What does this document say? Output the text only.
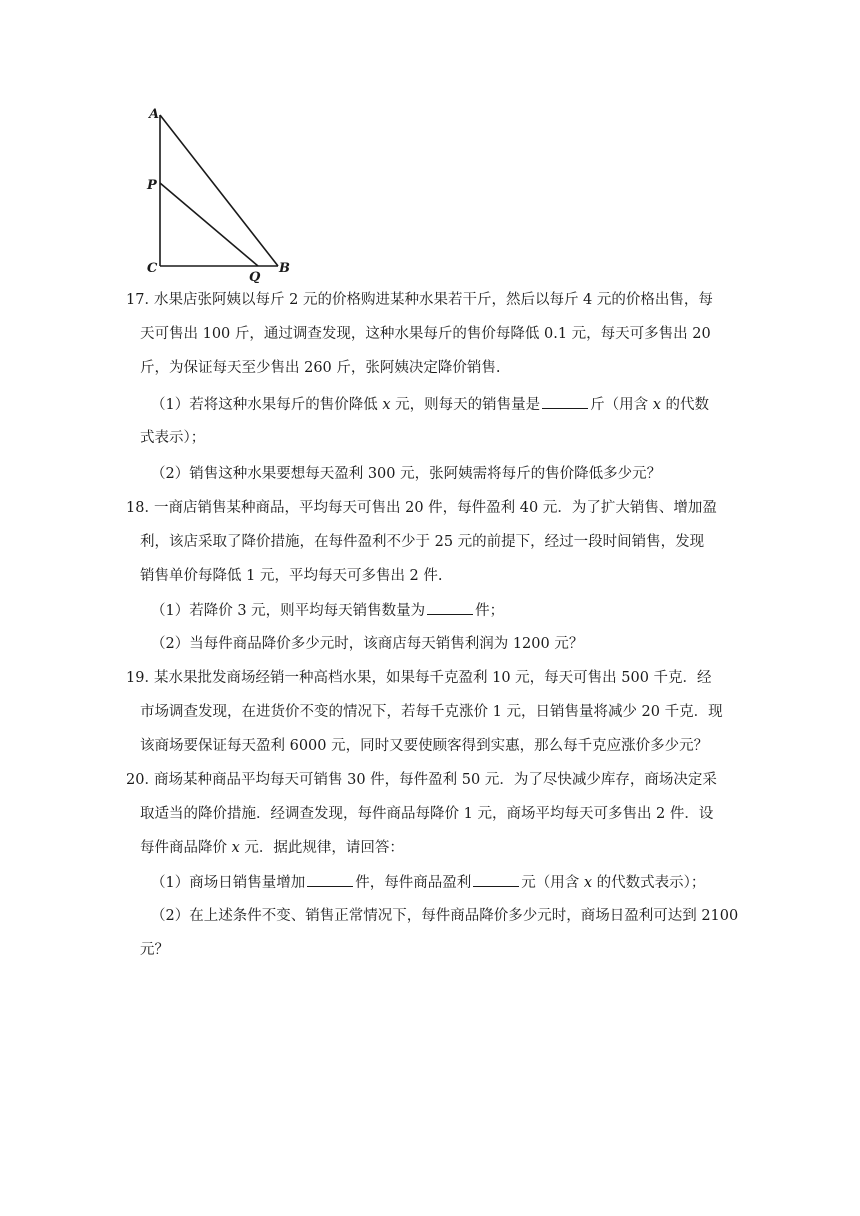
A
P
C
Q
B
17．
水果店张阿姨以每斤 2 元的价格购进某种水果若干斤，然后以每斤 4 元的价格出售，每
天可售出 100 斤，通过调查发现，这种水果每斤的售价每降低 0.1 元，每天可多售出 20
斤，为保证每天至少售出 260 斤，张阿姨决定降价销售.
（1）若将这种水果每斤的售价降低 x 元，则每天的销售量是	斤（用含 x 的代数
式表示）；
（2）销售这种水果要想每天盈利 300 元，张阿姨需将每斤的售价降低多少元？
18．
一商店销售某种商品，平均每天可售出 20 件，每件盈利 40 元．为了扩大销售、增加盈
利，该店采取了降价措施，在每件盈利不少于 25 元的前提下，经过一段时间销售，发现
销售单价每降低 1 元，平均每天可多售出 2 件.
（1）若降价 3 元，则平均每天销售数量为	件；
（2）当每件商品降价多少元时，该商店每天销售利润为 1200 元？
19．
某水果批发商场经销一种高档水果，如果每千克盈利 10 元，每天可售出 500 千克．经
市场调查发现，在进货价不变的情况下，若每千克涨价 1 元，日销售量将减少 20 千克．现
该商场要保证每天盈利 6000 元，同时又要使顾客得到实惠，那么每千克应涨价多少元？
20．
商场某种商品平均每天可销售 30 件，每件盈利 50 元．为了尽快减少库存，商场决定采
取适当的降价措施．经调查发现，每件商品每降价 1 元，商场平均每天可多售出 2 件．设
每件商品降价 x 元．据此规律，请回答：
（1）商场日销售量增加	件，每件商品盈利	元（用含 x 的代数式表示）；
（2）在上述条件不变、销售正常情况下，每件商品降价多少元时，商场日盈利可达到 2100
元？
